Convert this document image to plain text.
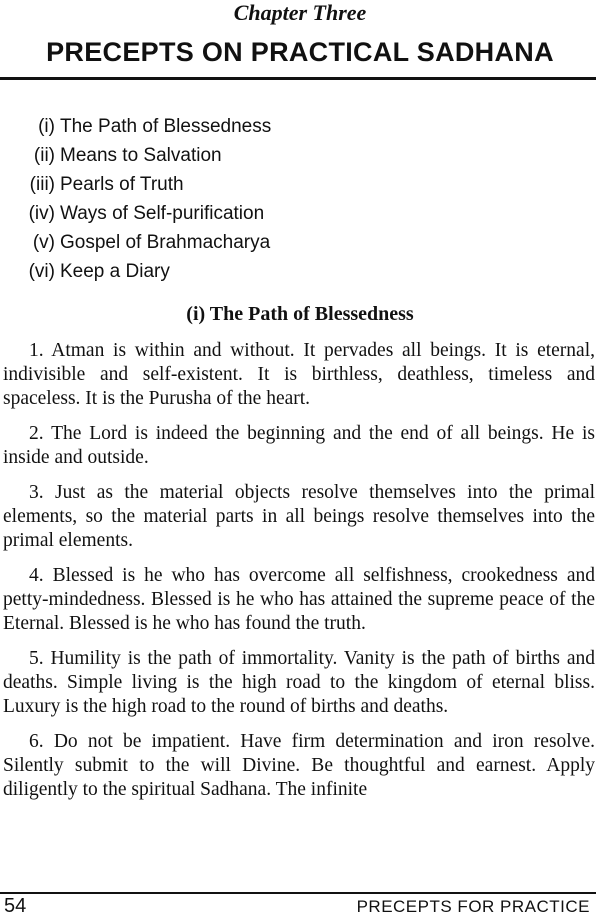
Chapter Three
PRECEPTS ON PRACTICAL SADHANA
(i) The Path of Blessedness
(ii) Means to Salvation
(iii) Pearls of Truth
(iv) Ways of Self-purification
(v) Gospel of Brahmacharya
(vi) Keep a Diary
(i) The Path of Blessedness

1. Atman is within and without. It pervades all beings. It is eternal, indivisible and self-existent. It is birthless, deathless, timeless and spaceless. It is the Purusha of the heart.

2. The Lord is indeed the beginning and the end of all beings. He is inside and outside.

3. Just as the material objects resolve themselves into the primal elements, so the material parts in all beings resolve themselves into the primal elements.

4. Blessed is he who has overcome all selfishness, crookedness and petty-mindedness. Blessed is he who has attained the supreme peace of the Eternal. Blessed is he who has found the truth.

5. Humility is the path of immortality. Vanity is the path of births and deaths. Simple living is the high road to the kingdom of eternal bliss. Luxury is the high road to the round of births and deaths.

6. Do not be impatient. Have firm determination and iron resolve. Silently submit to the will Divine. Be thoughtful and earnest. Apply diligently to the spiritual Sadhana. The infinite

54	PRECEPTS FOR PRACTICE
